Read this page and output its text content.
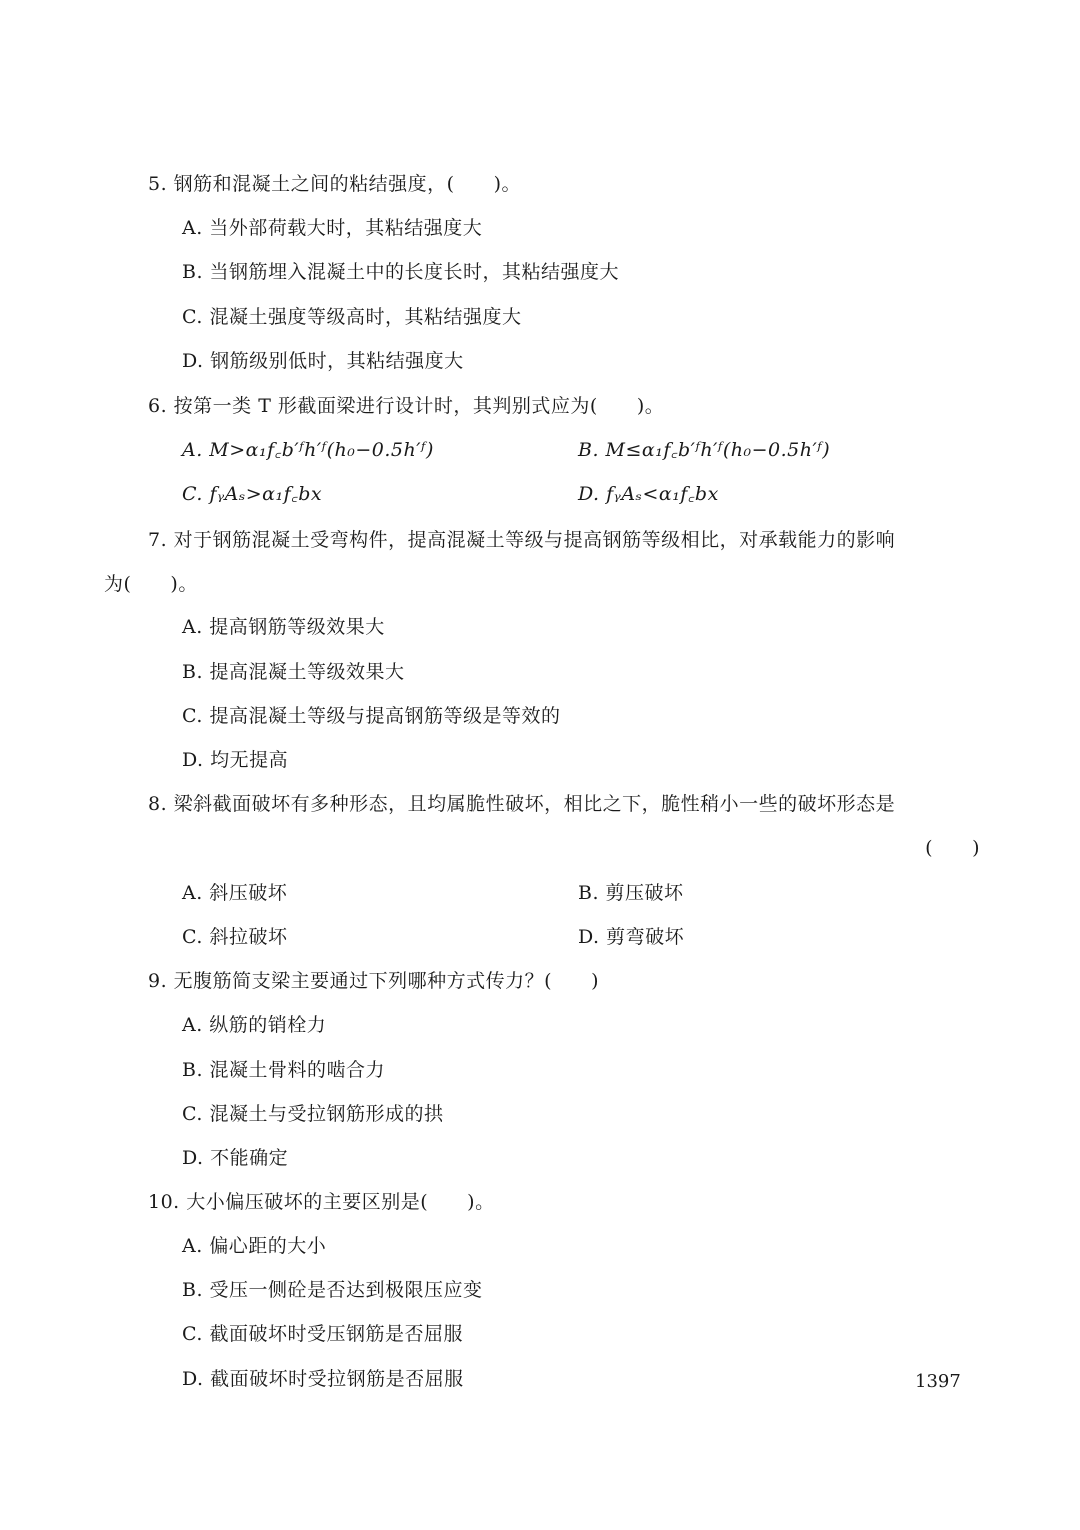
5. 钢筋和混凝土之间的粘结强度，(　　)。
A. 当外部荷载大时，其粘结强度大
B. 当钢筋埋入混凝土中的长度长时，其粘结强度大
C. 混凝土强度等级高时，其粘结强度大
D. 钢筋级别低时，其粘结强度大
6. 按第一类 T 形截面梁进行设计时，其判别式应为(　　)。
A. M>α₁f꜀b′ᶠh′ᶠ(h₀−0.5h′ᶠ)	B. M≤α₁f꜀b′ᶠh′ᶠ(h₀−0.5h′ᶠ)
C. fᵧAₛ>α₁f꜀bx	D. fᵧAₛ<α₁f꜀bx
7. 对于钢筋混凝土受弯构件，提高混凝土等级与提高钢筋等级相比，对承载能力的影响
为(　　)。
A. 提高钢筋等级效果大
B. 提高混凝土等级效果大
C. 提高混凝土等级与提高钢筋等级是等效的
D. 均无提高
8. 梁斜截面破坏有多种形态，且均属脆性破坏，相比之下，脆性稍小一些的破坏形态是
(　　)
A. 斜压破坏	B. 剪压破坏
C. 斜拉破坏	D. 剪弯破坏
9. 无腹筋简支梁主要通过下列哪种方式传力？(　　)
A. 纵筋的销栓力
B. 混凝土骨料的啮合力
C. 混凝土与受拉钢筋形成的拱
D. 不能确定
10. 大小偏压破坏的主要区别是(　　)。
A. 偏心距的大小
B. 受压一侧砼是否达到极限压应变
C. 截面破坏时受压钢筋是否屈服
D. 截面破坏时受拉钢筋是否屈服	1397
